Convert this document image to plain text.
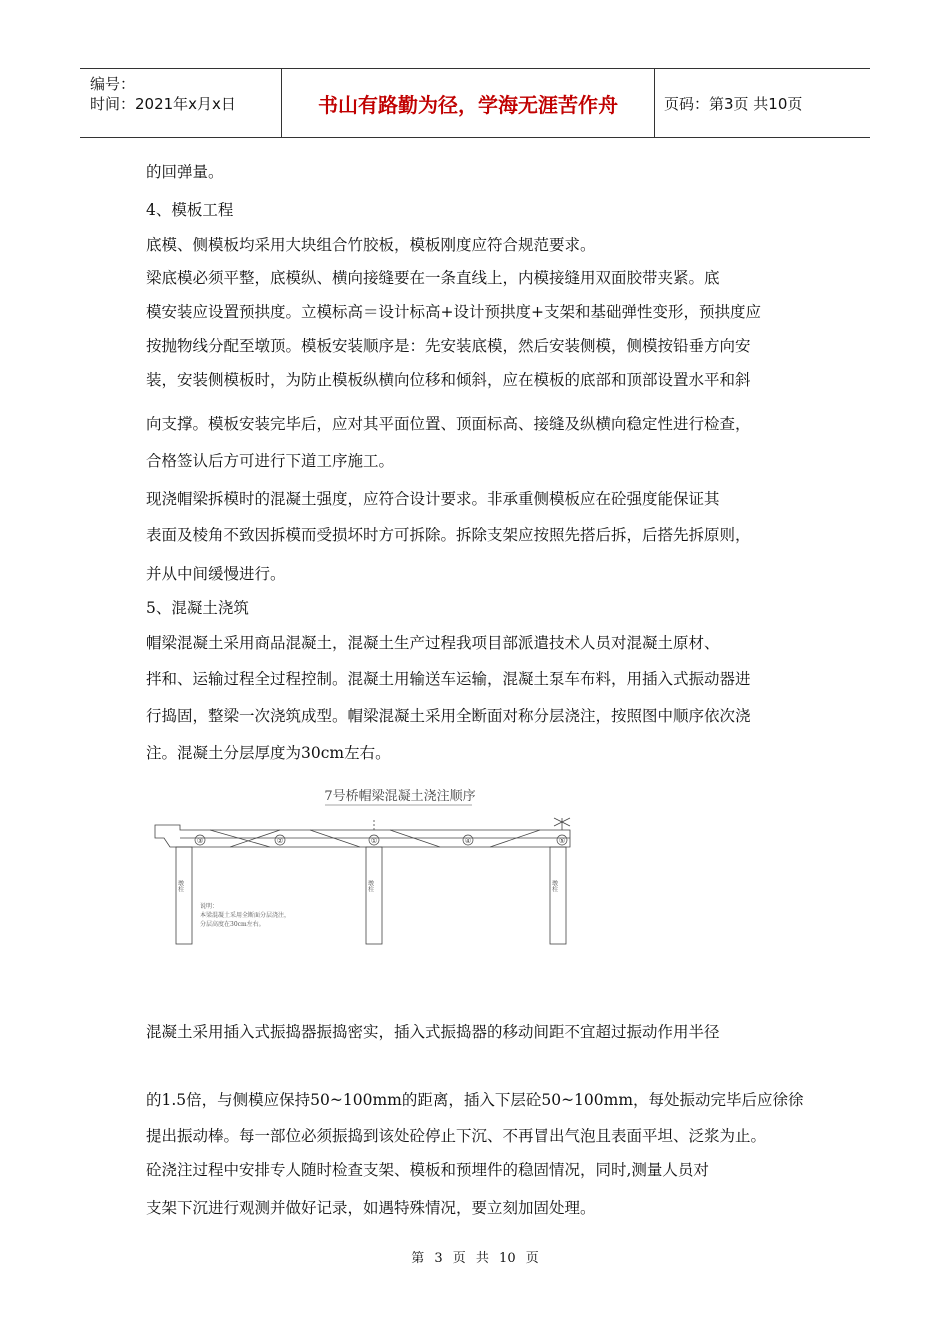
编号：
时间：2021年x月x日	书山有路勤为径，学海无涯苦作舟	页码：第3页 共10页
的回弹量。
4、模板工程
底模、侧模板均采用大块组合竹胶板，模板刚度应符合规范要求。
梁底模必须平整，底模纵、横向接缝要在一条直线上，内模接缝用双面胶带夹紧。底
模安装应设置预拱度。立模标高＝设计标高+设计预拱度+支架和基础弹性变形，预拱度应
按抛物线分配至墩顶。模板安装顺序是：先安装底模，然后安装侧模，侧模按铅垂方向安
装，安装侧模板时，为防止模板纵横向位移和倾斜，应在模板的底部和顶部设置水平和斜
向支撑。模板安装完毕后，应对其平面位置、顶面标高、接缝及纵横向稳定性进行检查，
合格签认后方可进行下道工序施工。
现浇帽梁拆模时的混凝土强度，应符合设计要求。非承重侧模板应在砼强度能保证其
表面及棱角不致因拆模而受损坏时方可拆除。拆除支架应按照先搭后拆，后搭先拆原则，
并从中间缓慢进行。
5、混凝土浇筑
帽梁混凝土采用商品混凝土，混凝土生产过程我项目部派遣技术人员对混凝土原材、
拌和、运输过程全过程控制。混凝土用输送车运输，混凝土泵车布料，用插入式振动器进
行捣固，整梁一次浇筑成型。帽梁混凝土采用全断面对称分层浇注，按照图中顺序依次浇
注。混凝土分层厚度为30cm左右。
7号桥帽梁混凝土浇注顺序
③	②	①	④	⑤
墩柱	墩柱	墩柱
说明：
本梁混凝土采用全断面分层浇注，
分层高度在30cm左右。
混凝土采用插入式振捣器振捣密实，插入式振捣器的移动间距不宜超过振动作用半径
的1.5倍，与侧模应保持50~100mm的距离，插入下层砼50~100mm，每处振动完毕后应徐徐
提出振动棒。每一部位必须振捣到该处砼停止下沉、不再冒出气泡且表面平坦、泛浆为止。
砼浇注过程中安排专人随时检查支架、模板和预埋件的稳固情况，同时,测量人员对
支架下沉进行观测并做好记录，如遇特殊情况，要立刻加固处理。
第 3 页 共 10 页
